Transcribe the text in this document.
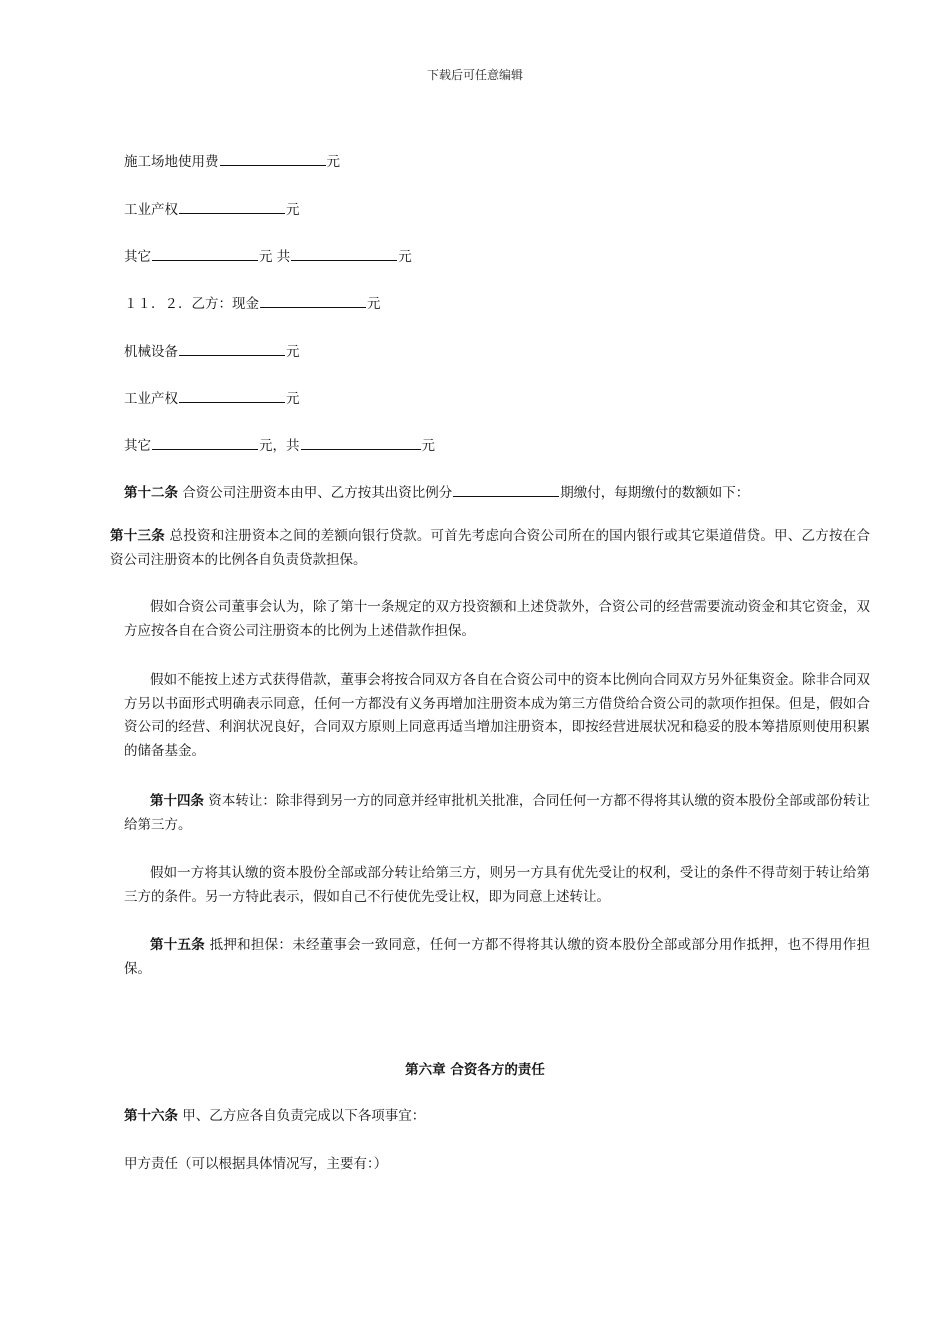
下载后可任意编辑
施工场地使用费	元
工业产权	元
其它	元 共	元
１１．２．乙方：现金	元
机械设备	元
工业产权	元
其它	元，共	元
第十二条 合资公司注册资本由甲、乙方按其出资比例分	期缴付，每期缴付的数额如下：
第十三条 总投资和注册资本之间的差额向银行贷款。可首先考虑向合资公司所在的国内银行或其它渠道借贷。甲、乙方按在合资公司注册资本的比例各自负责贷款担保。
假如合资公司董事会认为，除了第十一条规定的双方投资额和上述贷款外，合资公司的经营需要流动资金和其它资金，双方应按各自在合资公司注册资本的比例为上述借款作担保。
假如不能按上述方式获得借款，董事会将按合同双方各自在合资公司中的资本比例向合同双方另外征集资金。除非合同双方另以书面形式明确表示同意，任何一方都没有义务再增加注册资本成为第三方借贷给合资公司的款项作担保。但是，假如合资公司的经营、利润状况良好，合同双方原则上同意再适当增加注册资本，即按经营进展状况和稳妥的股本筹措原则使用积累的储备基金。
第十四条 资本转让：除非得到另一方的同意并经审批机关批准，合同任何一方都不得将其认缴的资本股份全部或部份转让给第三方。
假如一方将其认缴的资本股份全部或部分转让给第三方，则另一方具有优先受让的权利，受让的条件不得苛刻于转让给第三方的条件。另一方特此表示，假如自己不行使优先受让权，即为同意上述转让。
第十五条 抵押和担保：未经董事会一致同意，任何一方都不得将其认缴的资本股份全部或部分用作抵押，也不得用作担保。
第六章 合资各方的责任
第十六条 甲、乙方应各自负责完成以下各项事宜：
甲方责任（可以根据具体情况写，主要有：）
